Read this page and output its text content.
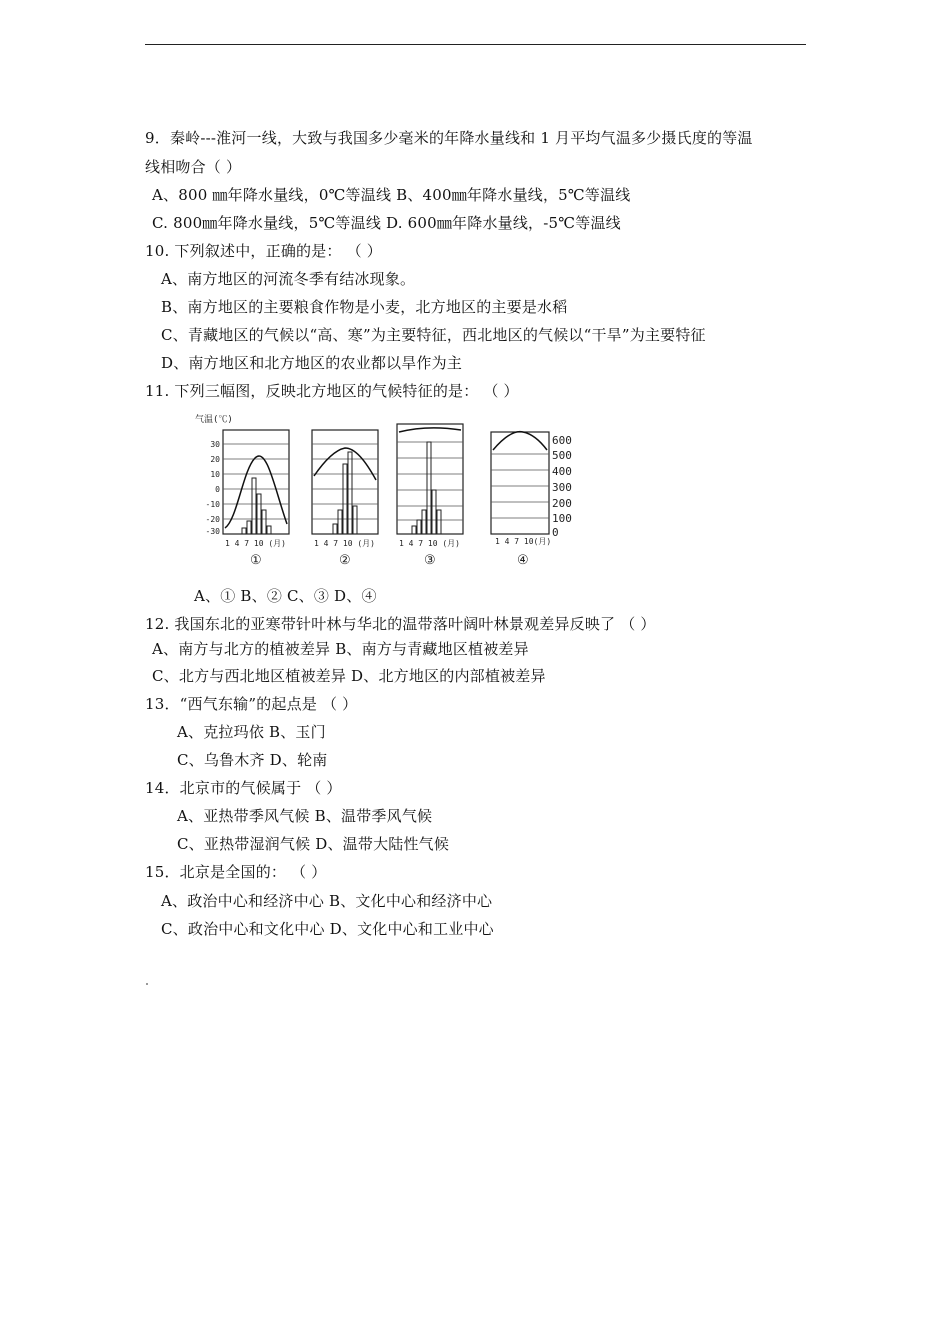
9．秦岭---淮河一线，大致与我国多少毫米的年降水量线和 1 月平均气温多少摄氏度的等温
线相吻合（ ）
A、800 ㎜年降水量线，0℃等温线 B、400㎜年降水量线，5℃等温线
C. 800㎜年降水量线，5℃等温线 D. 600㎜年降水量线，-5℃等温线
10. 下列叙述中，正确的是： （ ）
A、南方地区的河流冬季有结冰现象。
B、南方地区的主要粮食作物是小麦，北方地区的主要是水稻
C、青藏地区的气候以“高、寒”为主要特征，西北地区的气候以“干旱”为主要特征
D、南方地区和北方地区的农业都以旱作为主
11. 下列三幅图，反映北方地区的气候特征的是： （ ）
气温(℃)
30
20
10
0
-10
-20
-30
1 4 7 10 (月)
①
1 4 7 10 (月)
②
1 4 7 10 (月)
③
600
500
400
300
200
100
0
1 4 7 10(月)
④
A、① B、② C、③ D、④
12. 我国东北的亚寒带针叶林与华北的温带落叶阔叶林景观差异反映了 （ ）
A、南方与北方的植被差异 B、南方与青藏地区植被差异
C、北方与西北地区植被差异 D、北方地区的内部植被差异
13．“西气东输”的起点是 （ ）
A、克拉玛依 B、玉门
C、乌鲁木齐 D、轮南
14．北京市的气候属于 （ ）
A、亚热带季风气候 B、温带季风气候
C、亚热带湿润气候 D、温带大陆性气候
15．北京是全国的： （ ）
A、政治中心和经济中心 B、文化中心和经济中心
C、政治中心和文化中心 D、文化中心和工业中心
